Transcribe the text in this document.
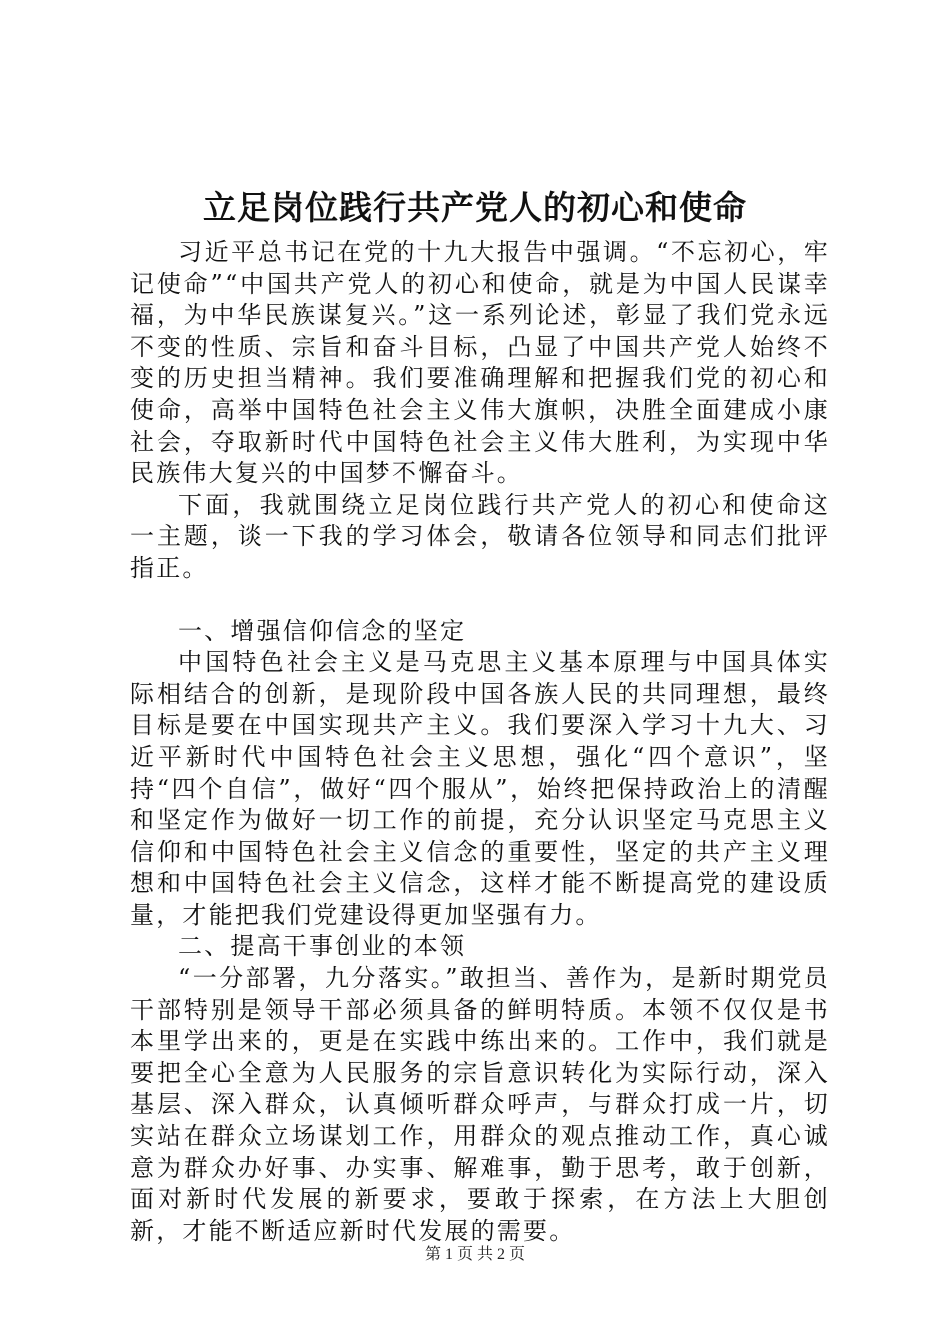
立足岗位践行共产党人的初心和使命

习近平总书记在党的十九大报告中强调。“不忘初心，牢记使命”“中国共产党人的初心和使命，就是为中国人民谋幸福，为中华民族谋复兴。”这一系列论述，彰显了我们党永远不变的性质、宗旨和奋斗目标，凸显了中国共产党人始终不变的历史担当精神。我们要准确理解和把握我们党的初心和使命，高举中国特色社会主义伟大旗帜，决胜全面建成小康社会，夺取新时代中国特色社会主义伟大胜利，为实现中华民族伟大复兴的中国梦不懈奋斗。

下面，我就围绕立足岗位践行共产党人的初心和使命这一主题，谈一下我的学习体会，敬请各位领导和同志们批评指正。

一、增强信仰信念的坚定

中国特色社会主义是马克思主义基本原理与中国具体实际相结合的创新，是现阶段中国各族人民的共同理想，最终目标是要在中国实现共产主义。我们要深入学习十九大、习近平新时代中国特色社会主义思想，强化“四个意识”，坚持“四个自信”，做好“四个服从”，始终把保持政治上的清醒和坚定作为做好一切工作的前提，充分认识坚定马克思主义信仰和中国特色社会主义信念的重要性，坚定的共产主义理想和中国特色社会主义信念，这样才能不断提高党的建设质量，才能把我们党建设得更加坚强有力。

二、提高干事创业的本领

“一分部署，九分落实。”敢担当、善作为，是新时期党员干部特别是领导干部必须具备的鲜明特质。本领不仅仅是书本里学出来的，更是在实践中练出来的。工作中，我们就是要把全心全意为人民服务的宗旨意识转化为实际行动，深入基层、深入群众，认真倾听群众呼声，与群众打成一片，切实站在群众立场谋划工作，用群众的观点推动工作，真心诚意为群众办好事、办实事、解难事，勤于思考，敢于创新，面对新时代发展的新要求，要敢于探索，在方法上大胆创新，才能不断适应新时代发展的需要。

第 1 页 共 2 页
